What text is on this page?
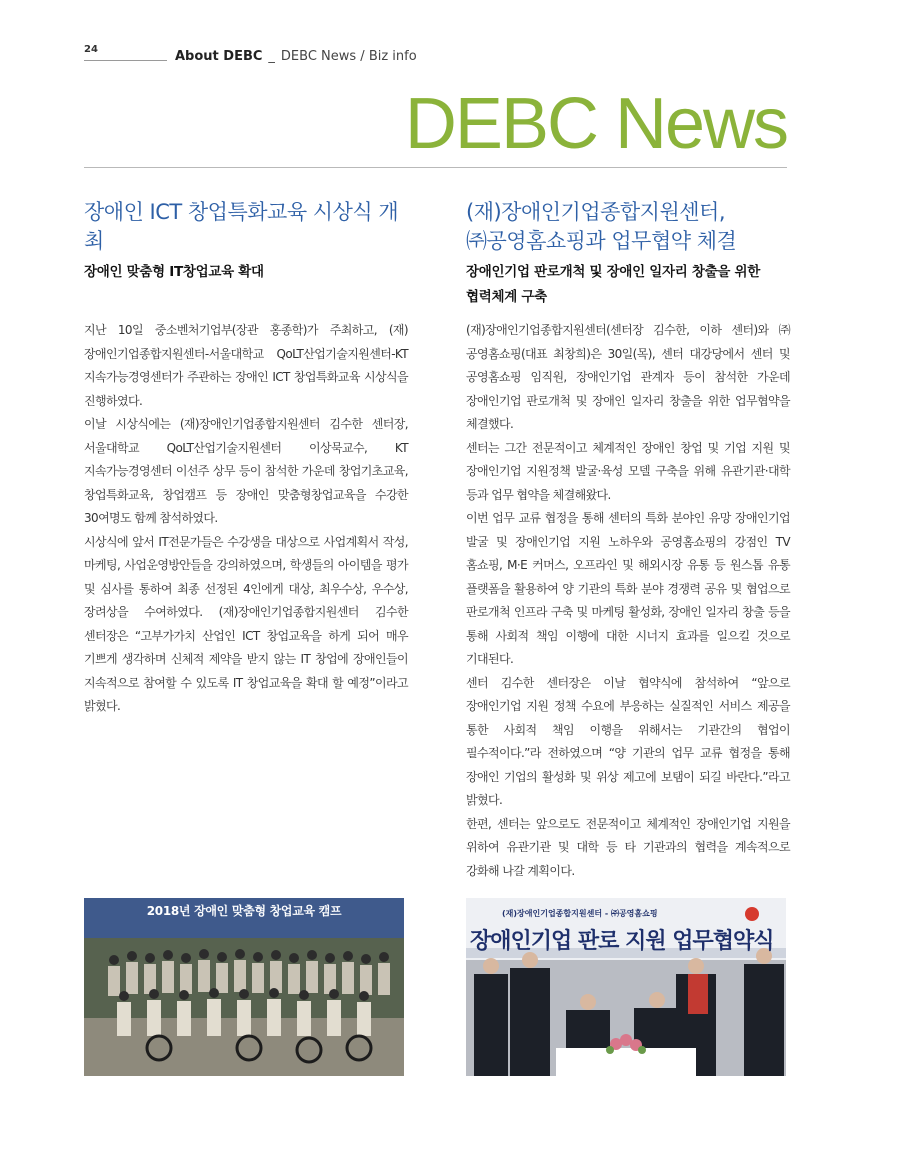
24	About DEBC _ DEBC News / Biz info
DEBC News
장애인 ICT 창업특화교육 시상식 개최

장애인 맞춤형 IT창업교육 확대

(재)장애인기업종합지원센터,
㈜공영홈쇼핑과 업무협약 체결

장애인기업 판로개척 및 장애인 일자리 창출을 위한
협력체계 구축

지난 10일 중소벤처기업부(장관 홍종학)가 주최하고, (재)장애인기업종합지원센터-서울대학교 QoLT산업기술지원센터-KT 지속가능경영센터가 주관하는 장애인 ICT 창업특화교육 시상식을 진행하였다.

이날 시상식에는 (재)장애인기업종합지원센터 김수한 센터장, 서울대학교 QoLT산업기술지원센터 이상묵교수, KT 지속가능경영센터 이선주 상무 등이 참석한 가운데 창업기초교육, 창업특화교육, 창업캠프 등 장애인 맞춤형창업교육을 수강한 30여명도 함께 참석하였다.

시상식에 앞서 IT전문가들은 수강생을 대상으로 사업계획서 작성, 마케팅, 사업운영방안들을 강의하였으며, 학생들의 아이템을 평가 및 심사를 통하여 최종 선정된 4인에게 대상, 최우수상, 우수상, 장려상을 수여하였다. (재)장애인기업종합지원센터 김수한 센터장은 “고부가가치 산업인 ICT 창업교육을 하게 되어 매우 기쁘게 생각하며 신체적 제약을 받지 않는 IT 창업에 장애인들이 지속적으로 참여할 수 있도록 IT 창업교육을 확대 할 예정”이라고 밝혔다.

(재)장애인기업종합지원센터(센터장 김수한, 이하 센터)와 ㈜공영홈쇼핑(대표 최창희)은 30일(목), 센터 대강당에서 센터 및 공영홈쇼핑 임직원, 장애인기업 관계자 등이 참석한 가운데 장애인기업 판로개척 및 장애인 일자리 창출을 위한 업무협약을 체결했다.

센터는 그간 전문적이고 체계적인 장애인 창업 및 기업 지원 및 장애인기업 지원정책 발굴·육성 모델 구축을 위해 유관기관·대학 등과 업무 협약을 체결해왔다.

이번 업무 교류 협정을 통해 센터의 특화 분야인 유망 장애인기업 발굴 및 장애인기업 지원 노하우와 공영홈쇼핑의 강점인 TV 홈쇼핑, M·E 커머스, 오프라인 및 해외시장 유통 등 원스톱 유통 플랫폼을 활용하여 양 기관의 특화 분야 경쟁력 공유 및 협업으로 판로개척 인프라 구축 및 마케팅 활성화, 장애인 일자리 창출 등을 통해 사회적 책임 이행에 대한 시너지 효과를 일으킬 것으로 기대된다.

센터 김수한 센터장은 이날 협약식에 참석하여 “앞으로 장애인기업 지원 정책 수요에 부응하는 실질적인 서비스 제공을 통한 사회적 책임 이행을 위해서는 기관간의 협업이 필수적이다.”라 전하였으며 “양 기관의 업무 교류 협정을 통해 장애인 기업의 활성화 및 위상 제고에 보탬이 되길 바란다.”라고 밝혔다.

한편, 센터는 앞으로도 전문적이고 체계적인 장애인기업 지원을 위하여 유관기관 및 대학 등 타 기관과의 협력을 계속적으로 강화해 나갈 계획이다.

2018년 장애인 맞춤형 창업교육 캠프	(재)장애인기업종합지원센터 - ㈜공영홈쇼핑
장애인기업 판로 지원 업무협약식
